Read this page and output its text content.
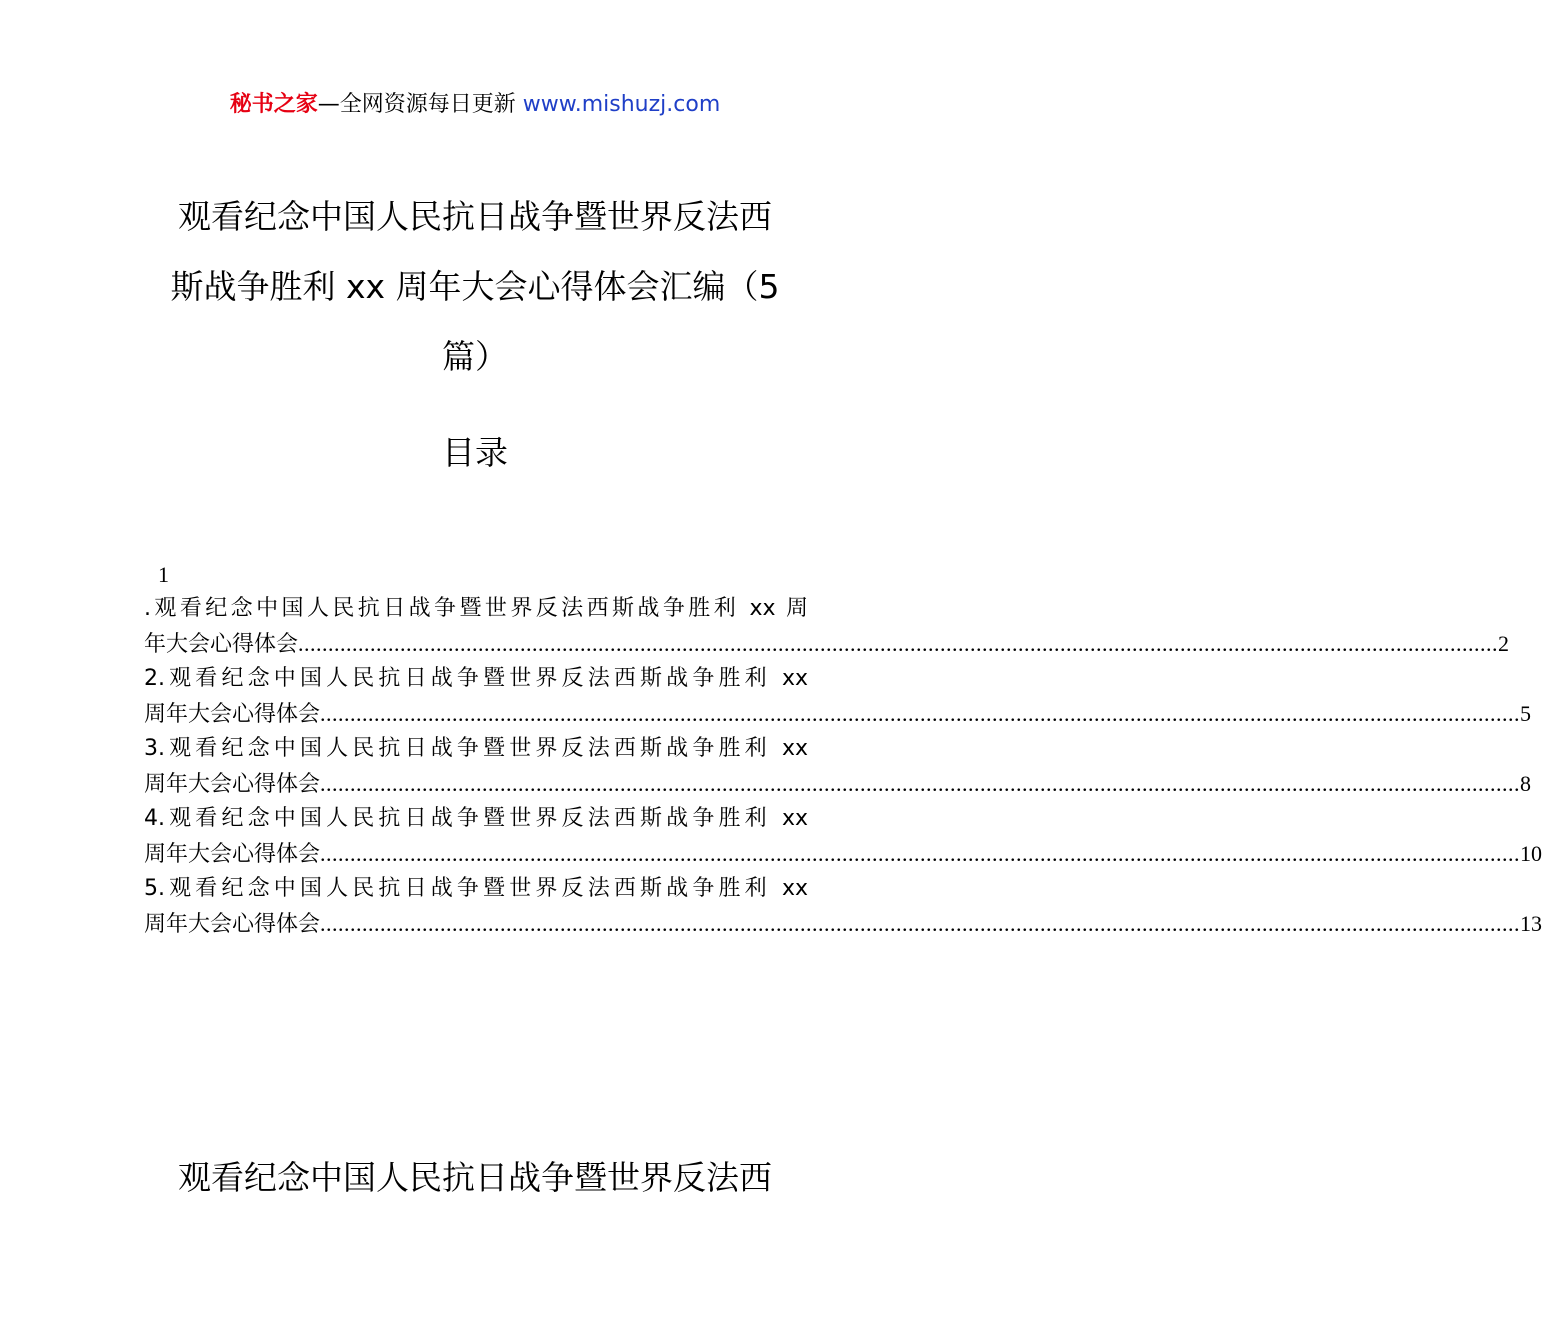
秘书之家—全网资源每日更新 www.mishuzj.com
观看纪念中国人民抗日战争暨世界反法西
斯战争胜利 xx 周年大会心得体会汇编（5
篇）
目录
1
.观看纪念中国人民抗日战争暨世界反法西斯战争胜利 xx 周
年大会心得体会 ........................................................................................................................................................................................................ 2
2.观看纪念中国人民抗日战争暨世界反法西斯战争胜利 xx
周年大会心得体会 ........................................................................................................................................................................................................ 5
3.观看纪念中国人民抗日战争暨世界反法西斯战争胜利 xx
周年大会心得体会 ........................................................................................................................................................................................................ 8
4.观看纪念中国人民抗日战争暨世界反法西斯战争胜利 xx
周年大会心得体会 ........................................................................................................................................................................................................ 10
5.观看纪念中国人民抗日战争暨世界反法西斯战争胜利 xx
周年大会心得体会 ........................................................................................................................................................................................................ 13
观看纪念中国人民抗日战争暨世界反法西
